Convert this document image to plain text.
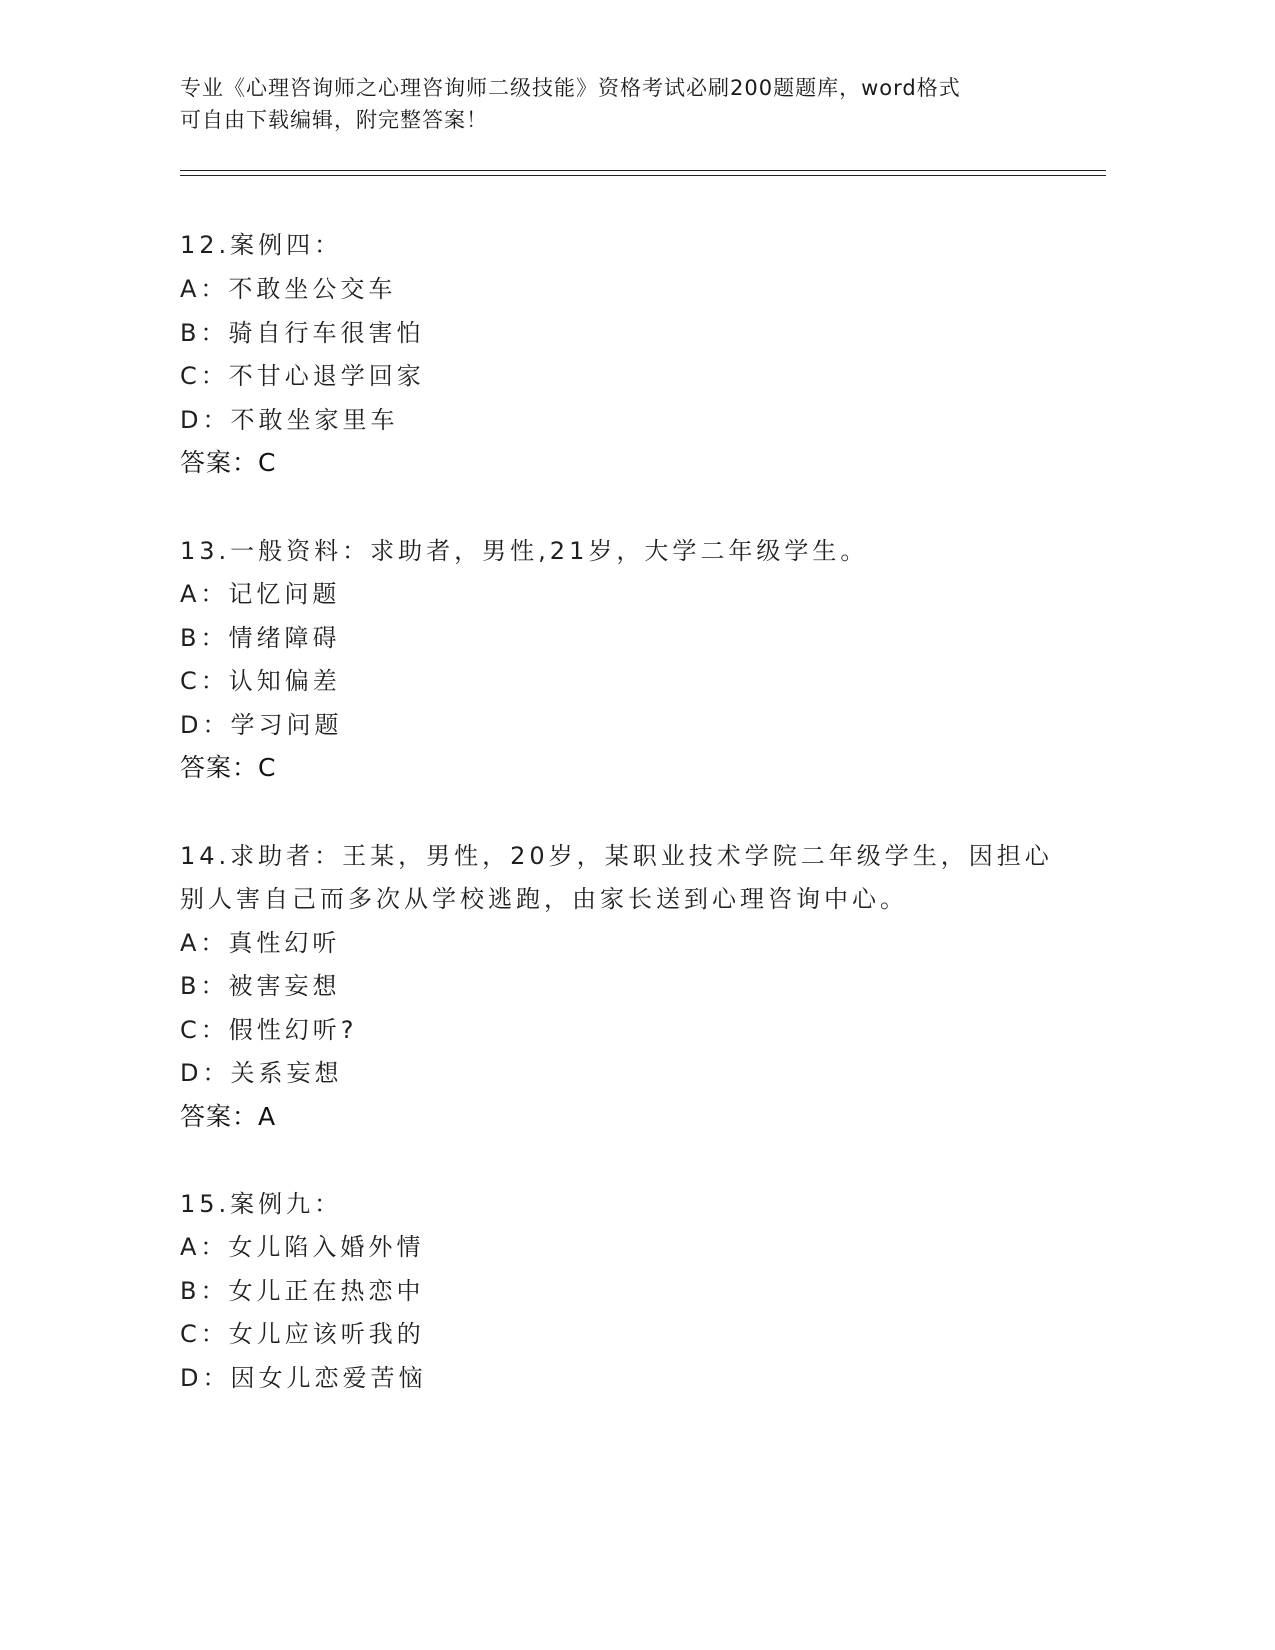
专业《心理咨询师之心理咨询师二级技能》资格考试必刷200题题库，word格式
可自由下载编辑，附完整答案！
12.案例四：
A：不敢坐公交车
B：骑自行车很害怕
C：不甘心退学回家
D：不敢坐家里车
答案：C
13.一般资料：求助者，男性,21岁，大学二年级学生。
A：记忆问题
B：情绪障碍
C：认知偏差
D：学习问题
答案：C
14.求助者：王某，男性，20岁，某职业技术学院二年级学生，因担心
别人害自己而多次从学校逃跑，由家长送到心理咨询中心。
A：真性幻听
B：被害妄想
C：假性幻听?
D：关系妄想
答案：A
15.案例九：
A：女儿陷入婚外情
B：女儿正在热恋中
C：女儿应该听我的
D：因女儿恋爱苦恼
